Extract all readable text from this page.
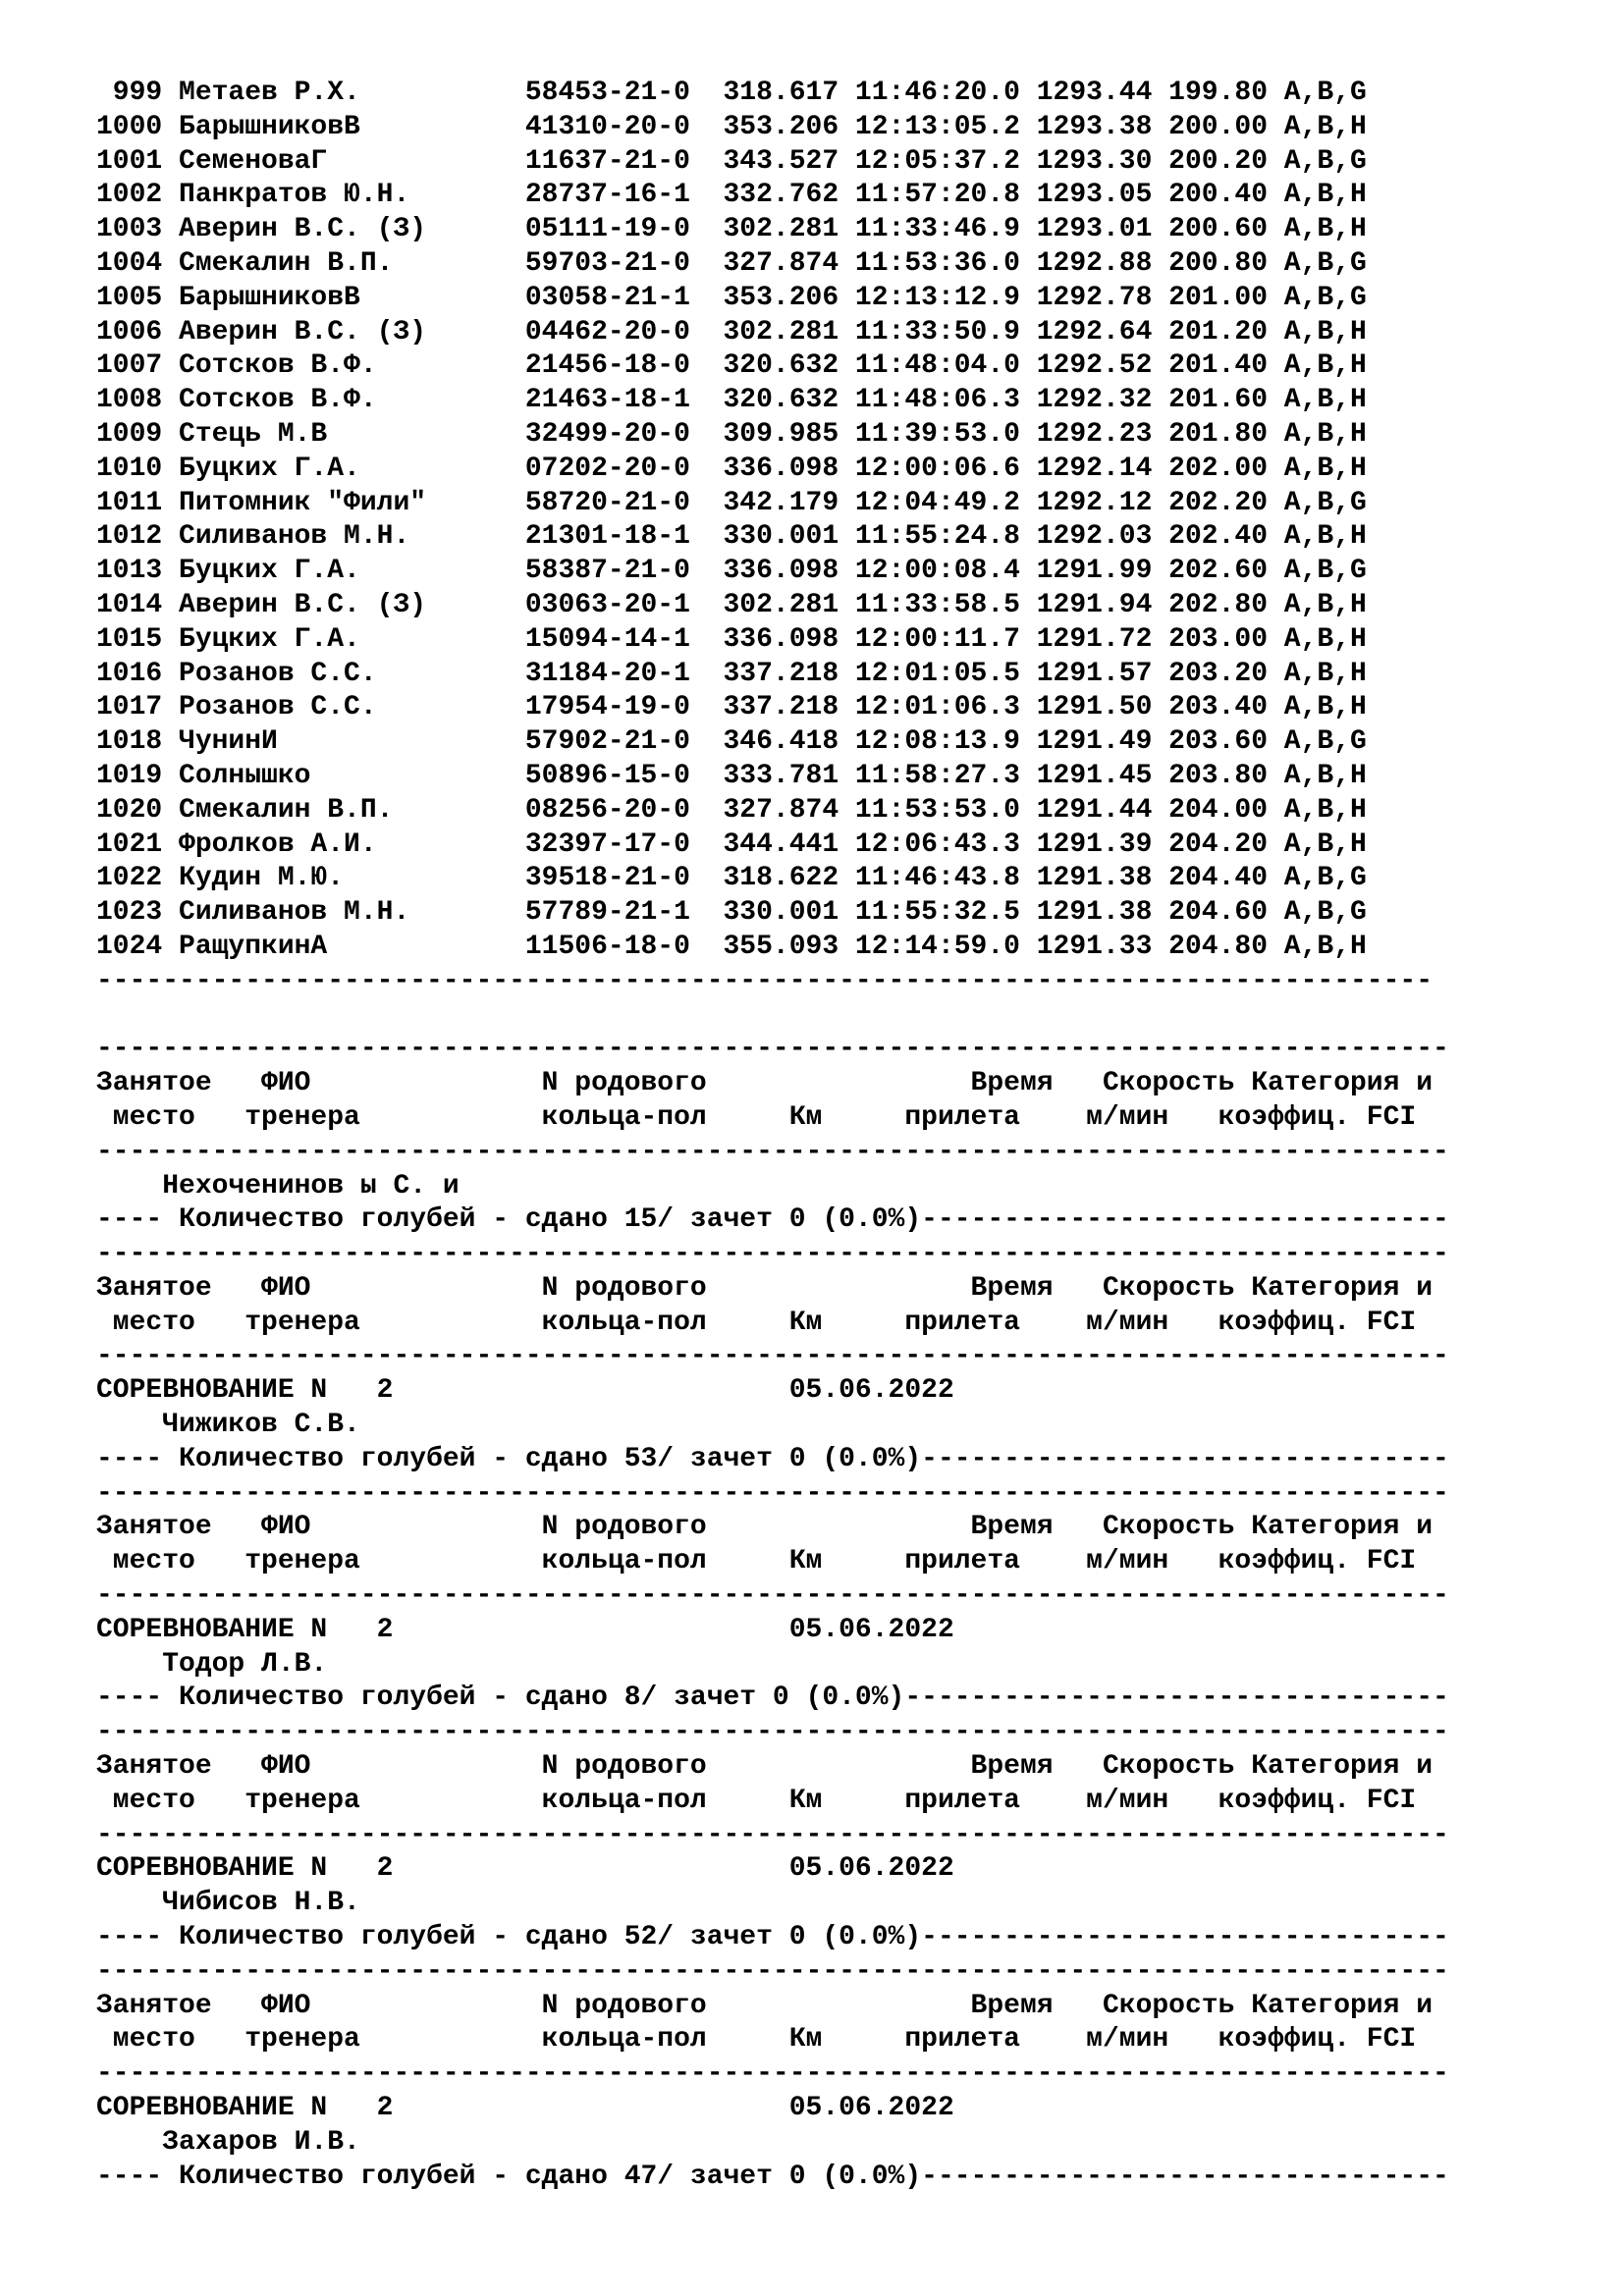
999 Метаев Р.Х.          58453-21-0  318.617 11:46:20.0 1293.44 199.80 A,B,G
1000 БарышниковВ          41310-20-0  353.206 12:13:05.2 1293.38 200.00 A,B,H
1001 СеменоваГ            11637-21-0  343.527 12:05:37.2 1293.30 200.20 A,B,G
1002 Панкратов Ю.Н.       28737-16-1  332.762 11:57:20.8 1293.05 200.40 A,B,H
1003 Аверин В.С. (З)      05111-19-0  302.281 11:33:46.9 1293.01 200.60 A,B,H
1004 Смекалин В.П.        59703-21-0  327.874 11:53:36.0 1292.88 200.80 A,B,G
1005 БарышниковВ          03058-21-1  353.206 12:13:12.9 1292.78 201.00 A,B,G
1006 Аверин В.С. (З)      04462-20-0  302.281 11:33:50.9 1292.64 201.20 A,B,H
1007 Сотсков В.Ф.         21456-18-0  320.632 11:48:04.0 1292.52 201.40 A,B,H
1008 Сотсков В.Ф.         21463-18-1  320.632 11:48:06.3 1292.32 201.60 A,B,H
1009 Стець М.В            32499-20-0  309.985 11:39:53.0 1292.23 201.80 A,B,H
1010 Буцких Г.А.          07202-20-0  336.098 12:00:06.6 1292.14 202.00 A,B,H
1011 Питомник "Фили"      58720-21-0  342.179 12:04:49.2 1292.12 202.20 A,B,G
1012 Силиванов М.Н.       21301-18-1  330.001 11:55:24.8 1292.03 202.40 A,B,H
1013 Буцких Г.А.          58387-21-0  336.098 12:00:08.4 1291.99 202.60 A,B,G
1014 Аверин В.С. (З)      03063-20-1  302.281 11:33:58.5 1291.94 202.80 A,B,H
1015 Буцких Г.А.          15094-14-1  336.098 12:00:11.7 1291.72 203.00 A,B,H
1016 Розанов С.С.         31184-20-1  337.218 12:01:05.5 1291.57 203.20 A,B,H
1017 Розанов С.С.         17954-19-0  337.218 12:01:06.3 1291.50 203.40 A,B,H
1018 ЧунинИ               57902-21-0  346.418 12:08:13.9 1291.49 203.60 A,B,G
1019 Солнышко             50896-15-0  333.781 11:58:27.3 1291.45 203.80 A,B,H
1020 Смекалин В.П.        08256-20-0  327.874 11:53:53.0 1291.44 204.00 A,B,H
1021 Фролков А.И.         32397-17-0  344.441 12:06:43.3 1291.39 204.20 A,B,H
1022 Кудин М.Ю.           39518-21-0  318.622 11:46:43.8 1291.38 204.40 A,B,G
1023 Силиванов М.Н.       57789-21-1  330.001 11:55:32.5 1291.38 204.60 A,B,G
1024 РащупкинА            11506-18-0  355.093 12:14:59.0 1291.33 204.80 A,B,H
---------------------------------------------------------------------------------
----------------------------------------------------------------------------------
Занятое   ФИО              N родового                Время   Скорость Категория и
место   тренера           кольца-пол     Км     прилета    м/мин   коэффиц. FCI
----------------------------------------------------------------------------------
Нехоченинов ы С. и
---- Количество голубей - сдано 15/ зачет 0 (0.0%)--------------------------------
----------------------------------------------------------------------------------
Занятое   ФИО              N родового                Время   Скорость Категория и
место   тренера           кольца-пол     Км     прилета    м/мин   коэффиц. FCI
----------------------------------------------------------------------------------
СОРЕВНОВАНИЕ N   2                        05.06.2022
Чижиков С.В.
---- Количество голубей - сдано 53/ зачет 0 (0.0%)--------------------------------
----------------------------------------------------------------------------------
Занятое   ФИО              N родового                Время   Скорость Категория и
место   тренера           кольца-пол     Км     прилета    м/мин   коэффиц. FCI
----------------------------------------------------------------------------------
СОРЕВНОВАНИЕ N   2                        05.06.2022
Тодор Л.В.
---- Количество голубей - сдано 8/ зачет 0 (0.0%)---------------------------------
----------------------------------------------------------------------------------
Занятое   ФИО              N родового                Время   Скорость Категория и
место   тренера           кольца-пол     Км     прилета    м/мин   коэффиц. FCI
----------------------------------------------------------------------------------
СОРЕВНОВАНИЕ N   2                        05.06.2022
Чибисов Н.В.
---- Количество голубей - сдано 52/ зачет 0 (0.0%)--------------------------------
----------------------------------------------------------------------------------
Занятое   ФИО              N родового                Время   Скорость Категория и
место   тренера           кольца-пол     Км     прилета    м/мин   коэффиц. FCI
----------------------------------------------------------------------------------
СОРЕВНОВАНИЕ N   2                        05.06.2022
Захаров И.В.
---- Количество голубей - сдано 47/ зачет 0 (0.0%)--------------------------------
